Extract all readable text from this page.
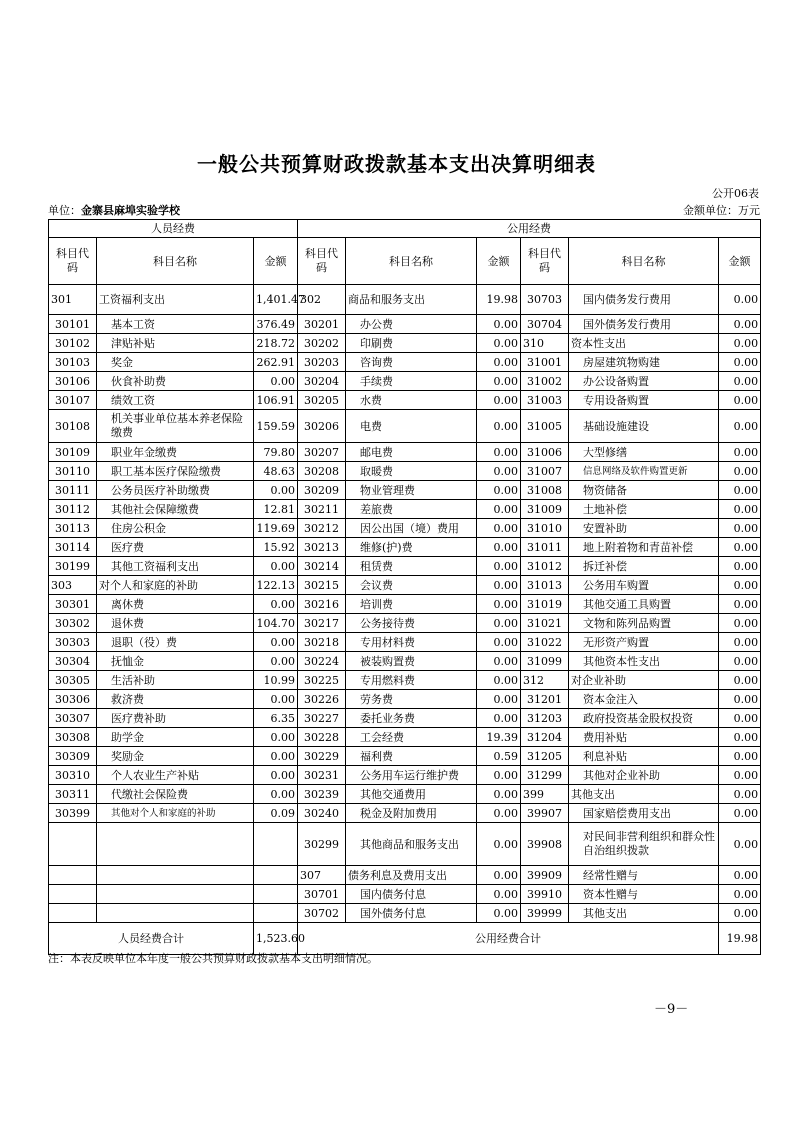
一般公共预算财政拨款基本支出决算明细表
公开06表
单位：金寨县麻埠实验学校	金额单位：万元
人员经费			公用经费					
科目代码	科目名称	金额	科目代码	科目名称	金额	科目代码	科目名称	金额
301	工资福利支出	1,401.47	302	商品和服务支出	19.98	30703	国内债务发行费用	0.00
30101	基本工资	376.49	30201	办公费	0.00	30704	国外债务发行费用	0.00
30102	津贴补贴	218.72	30202	印刷费	0.00	310	资本性支出	0.00
30103	奖金	262.91	30203	咨询费	0.00	31001	房屋建筑物购建	0.00
30106	伙食补助费	0.00	30204	手续费	0.00	31002	办公设备购置	0.00
30107	绩效工资	106.91	30205	水费	0.00	31003	专用设备购置	0.00
30108	机关事业单位基本养老保险缴费	159.59	30206	电费	0.00	31005	基础设施建设	0.00
30109	职业年金缴费	79.80	30207	邮电费	0.00	31006	大型修缮	0.00
30110	职工基本医疗保险缴费	48.63	30208	取暖费	0.00	31007	信息网络及软件购置更新	0.00
30111	公务员医疗补助缴费	0.00	30209	物业管理费	0.00	31008	物资储备	0.00
30112	其他社会保障缴费	12.81	30211	差旅费	0.00	31009	土地补偿	0.00
30113	住房公积金	119.69	30212	因公出国（境）费用	0.00	31010	安置补助	0.00
30114	医疗费	15.92	30213	维修(护)费	0.00	31011	地上附着物和青苗补偿	0.00
30199	其他工资福利支出	0.00	30214	租赁费	0.00	31012	拆迁补偿	0.00
303	对个人和家庭的补助	122.13	30215	会议费	0.00	31013	公务用车购置	0.00
30301	离休费	0.00	30216	培训费	0.00	31019	其他交通工具购置	0.00
30302	退休费	104.70	30217	公务接待费	0.00	31021	文物和陈列品购置	0.00
30303	退职（役）费	0.00	30218	专用材料费	0.00	31022	无形资产购置	0.00
30304	抚恤金	0.00	30224	被装购置费	0.00	31099	其他资本性支出	0.00
30305	生活补助	10.99	30225	专用燃料费	0.00	312	对企业补助	0.00
30306	救济费	0.00	30226	劳务费	0.00	31201	资本金注入	0.00
30307	医疗费补助	6.35	30227	委托业务费	0.00	31203	政府投资基金股权投资	0.00
30308	助学金	0.00	30228	工会经费	19.39	31204	费用补贴	0.00
30309	奖励金	0.00	30229	福利费	0.59	31205	利息补贴	0.00
30310	个人农业生产补贴	0.00	30231	公务用车运行维护费	0.00	31299	其他对企业补助	0.00
30311	代缴社会保险费	0.00	30239	其他交通费用	0.00	399	其他支出	0.00
30399	其他对个人和家庭的补助	0.09	30240	税金及附加费用	0.00	39907	国家赔偿费用支出	0.00
			30299	其他商品和服务支出	0.00	39908	对民间非营利组织和群众性自治组织拨款	0.00
			307	债务利息及费用支出	0.00	39909	经常性赠与	0.00
			30701	国内债务付息	0.00	39910	资本性赠与	0.00
			30702	国外债务付息	0.00	39999	其他支出	0.00
人员经费合计		1,523.60	公用经费合计					19.98
注：本表反映单位本年度一般公共预算财政拨款基本支出明细情况。
－9－
